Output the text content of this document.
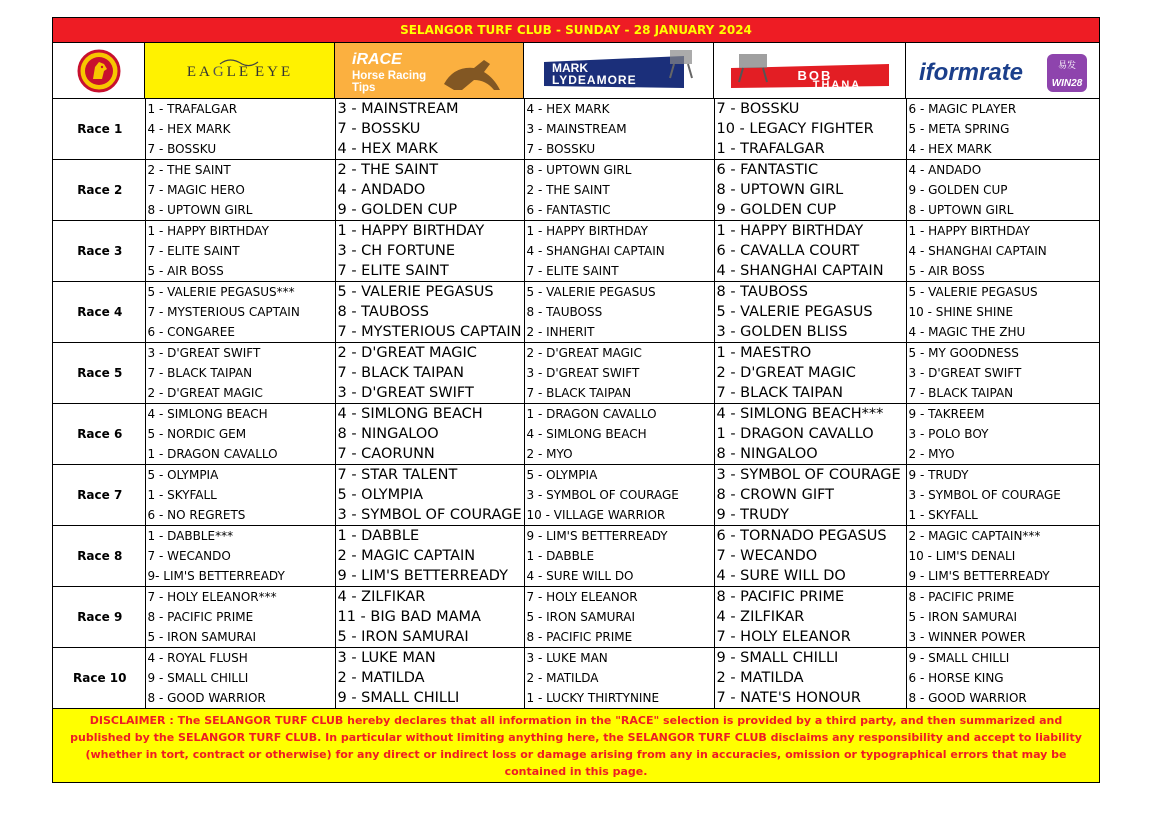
SELANGOR TURF CLUB - SUNDAY - 28 JANUARY 2024
EAGLE EYE
iRACE
Horse Racing
Tips
MARK
LYDEAMORE	BOB
THANA iformrate	易发
WIN28
Race 1	1 - TRAFALGAR	3 - MAINSTREAM	4 - HEX MARK	7 - BOSSKU	6 - MAGIC PLAYER
	4 - HEX MARK	7 - BOSSKU	3 - MAINSTREAM	10 - LEGACY FIGHTER	5 - META SPRING
	7 - BOSSKU	4 - HEX MARK	7 - BOSSKU	1 - TRAFALGAR	4 - HEX MARK
Race 2	2 - THE SAINT	2 - THE SAINT	8 - UPTOWN GIRL	6 - FANTASTIC	4 - ANDADO
	7 - MAGIC HERO	4 - ANDADO	2 - THE SAINT	8 - UPTOWN GIRL	9 - GOLDEN CUP
	8 - UPTOWN GIRL	9 - GOLDEN CUP	6 - FANTASTIC	9 - GOLDEN CUP	8 - UPTOWN GIRL
Race 3	1 - HAPPY BIRTHDAY	1 - HAPPY BIRTHDAY	1 - HAPPY BIRTHDAY	1 - HAPPY BIRTHDAY	1 - HAPPY BIRTHDAY
	7 - ELITE SAINT	3 - CH FORTUNE	4 - SHANGHAI CAPTAIN	6 - CAVALLA COURT	4 - SHANGHAI CAPTAIN
	5 - AIR BOSS	7 - ELITE SAINT	7 - ELITE SAINT	4 - SHANGHAI CAPTAIN	5 - AIR BOSS
Race 4	5 - VALERIE PEGASUS***	5 - VALERIE PEGASUS	5 - VALERIE PEGASUS	8 - TAUBOSS	5 - VALERIE PEGASUS
	7 - MYSTERIOUS CAPTAIN	8 - TAUBOSS	8 - TAUBOSS	5 - VALERIE PEGASUS	10 - SHINE SHINE
	6 - CONGAREE	7 - MYSTERIOUS CAPTAIN	2 - INHERIT	3 - GOLDEN BLISS	4 - MAGIC THE ZHU
Race 5	3 - D'GREAT SWIFT	2 - D'GREAT MAGIC	2 - D'GREAT MAGIC	1 - MAESTRO	5 - MY GOODNESS
	7 - BLACK TAIPAN	7 - BLACK TAIPAN	3 - D'GREAT SWIFT	2 - D'GREAT MAGIC	3 - D'GREAT SWIFT
	2 - D'GREAT MAGIC	3 - D'GREAT SWIFT	7 - BLACK TAIPAN	7 - BLACK TAIPAN	7 - BLACK TAIPAN
Race 6	4 - SIMLONG BEACH	4 - SIMLONG BEACH	1 - DRAGON CAVALLO	4 - SIMLONG BEACH***	9 - TAKREEM
	5 - NORDIC GEM	8 - NINGALOO	4 - SIMLONG BEACH	1 - DRAGON CAVALLO	3 - POLO BOY
	1 - DRAGON CAVALLO	7 - CAORUNN	2 - MYO	8 - NINGALOO	2 - MYO
Race 7	5 - OLYMPIA	7 - STAR TALENT	5 - OLYMPIA	3 - SYMBOL OF COURAGE	9 - TRUDY
	1 - SKYFALL	5 - OLYMPIA	3 - SYMBOL OF COURAGE	8 - CROWN GIFT	3 - SYMBOL OF COURAGE
	6 - NO REGRETS	3 - SYMBOL OF COURAGE	10 - VILLAGE WARRIOR	9 - TRUDY	1 - SKYFALL
Race 8	1 - DABBLE***	1 - DABBLE	9 - LIM'S BETTERREADY	6 - TORNADO PEGASUS	2 - MAGIC CAPTAIN***
	7 - WECANDO	2 - MAGIC CAPTAIN	1 - DABBLE	7 - WECANDO	10 - LIM'S DENALI
	9- LIM'S BETTERREADY	9 - LIM'S BETTERREADY	4 - SURE WILL DO	4 - SURE WILL DO	9 - LIM'S BETTERREADY
Race 9	7 - HOLY ELEANOR***	4 - ZILFIKAR	7 - HOLY ELEANOR	8 - PACIFIC PRIME	8 - PACIFIC PRIME
	8 - PACIFIC PRIME	11 - BIG BAD MAMA	5 - IRON SAMURAI	4 - ZILFIKAR	5 - IRON SAMURAI
	5 - IRON SAMURAI	5 - IRON SAMURAI	8 - PACIFIC PRIME	7 - HOLY ELEANOR	3 - WINNER POWER
Race 10	4 - ROYAL FLUSH	3 - LUKE MAN	3 - LUKE MAN	9 - SMALL CHILLI	9 - SMALL CHILLI
	9 - SMALL CHILLI	2 - MATILDA	2 - MATILDA	2 - MATILDA	6 - HORSE KING
	8 - GOOD WARRIOR	9 - SMALL CHILLI	1 - LUCKY THIRTYNINE	7 - NATE'S HONOUR	8 - GOOD WARRIOR
DISCLAIMER : The SELANGOR TURF CLUB hereby declares that all information in the "RACE" selection is provided by a third party, and then summarized and published by the SELANGOR TURF CLUB. In particular without limiting anything here, the SELANGOR TURF CLUB disclaims any responsibility and accept to liability (whether in tort, contract or otherwise) for any direct or indirect loss or damage arising from any in accuracies, omission or typographical errors that may be contained in this page.
